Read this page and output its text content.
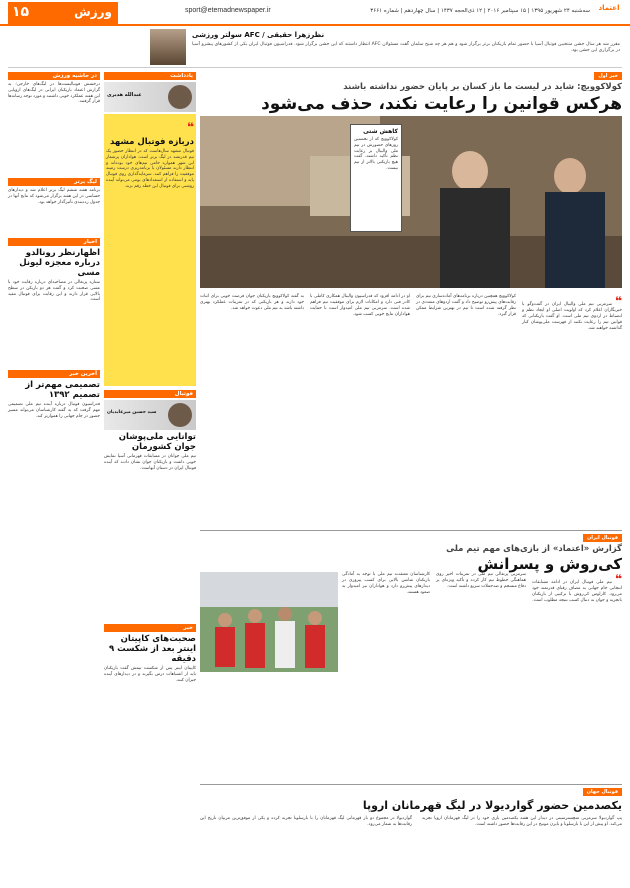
اعتماد
سه‌شنبه ۲۴ شهریور ۱۳۹۵ | ۱۵ سپتامبر ۲۰۱۶ | ۱۲ ذی‌الحجه ۱۴۳۷ | سال چهاردهم | شماره ۳۶۶۱
sport@etemadnewspaper.ir
ورزش
۱۵
نظرزهرا حقیقی / AFC سولتر ورزشی
مقرر شد هر سال جشن منتخبین فوتبال آسیا با حضور تمام بازیکنان برتر برگزار شود و هم هر چه شیخ سلمان گفت مسئولان AFC انتظار داشتند که این جشن برگزار شود. فدراسیون فوتبال ایران یکی از کشورهای پیشرو آسیا در برگزاری این جشن بود.
در حاشیه ورزش
درخشش فوتبالیست‌ها در لیگ‌های خارجی؛ به گزارش اعتماد بازیکنان ایرانی در لیگ‌های اروپایی این هفته عملکرد خوبی داشتند و مورد توجه رسانه‌ها قرار گرفتند.
لیگ برتر
برنامه هفته ششم لیگ برتر اعلام شد و دیدارهای حساسی در این هفته برگزار می‌شود که نتایج آنها در جدول رده‌بندی تأثیرگذار خواهد بود.
اخبار
اظهارنظر رونالدو درباره معجزه لیونل مسی
ستاره پرتغالی در مصاحبه‌ای درباره رقابت خود با مسی صحبت کرد و گفت هر دو بازیکن در سطح بالایی قرار دارند و این رقابت برای فوتبال مفید است.
آخرین خبر
تصمیمی مهم‌تر از تصمیم ۱۳۹۲
فدراسیون فوتبال درباره آینده تیم ملی تصمیمی مهم گرفت که به گفته کارشناسان می‌تواند مسیر حضور در جام جهانی را هموارتر کند.
یادداشت
عبدالله هدیری
❝
دربازه فوتبال مشهد
فوتبال مشهد سال‌هاست که در انتظار حضور یک تیم قدرتمند در لیگ برتر است. هواداران پرشمار این شهر همواره حامی تیم‌های خود بوده‌اند و انتظار دارند مسئولان با برنامه‌ریزی درست زمینه موفقیت را فراهم کنند. سرمایه‌گذاری روی فوتبال پایه و استفاده از استعدادهای بومی می‌تواند آینده روشنی برای فوتبال این خطه رقم بزند.
فوتبال
سید حسین میرعابدیان
توانایی ملی‌پوشان جوان کشورمان
تیم ملی جوانان در مسابقات قهرمانی آسیا نمایش خوبی داشت و بازیکنان جوان نشان دادند که آینده فوتبال ایران در دستان آنهاست.
خبر
صحبت‌های کاپیتان اینتر بعد از شکست ۹ دقیقه
کاپیتان اینتر پس از شکست تیمش گفت بازیکنان باید از اشتباهات درس بگیرند و در دیدارهای آینده جبران کنند.
خبر اول
کولاکوویچ: شاید در لیست ما باز کسان بر پایان حضور نداشته باشند
هرکس قوانین را رعایت نکند، حذف می‌شود
کاهش شتی
کولاکوویچ که از نخستین روزهای حضورش در تیم ملی والیبال بر رعایت نظم تأکید داشته، گفت هیچ بازیکنی بالاتر از تیم نیست.
❝ سرمربی تیم ملی والیبال ایران در گفت‌وگو با خبرنگاران اعلام کرد که اولویت اصلی او ایجاد نظم و انضباط در اردوی تیم ملی است. او گفت بازیکنانی که قوانین تیم را رعایت نکنند از فهرست ملی‌پوشان کنار گذاشته خواهند شد.
کولاکوویچ همچنین درباره برنامه‌های آماده‌سازی تیم برای رقابت‌های پیش‌رو توضیح داد و گفت اردوهای متعددی در نظر گرفته شده است تا تیم در بهترین شرایط ممکن قرار گیرد.
او در ادامه افزود که فدراسیون والیبال همکاری کاملی با کادر فنی دارد و امکانات لازم برای موفقیت تیم فراهم شده است. سرمربی تیم ملی امیدوار است با حمایت هواداران نتایج خوبی کسب شود.
به گفته کولاکوویچ بازیکنان جوان فرصت خوبی برای اثبات خود دارند و هر بازیکنی که در تمرینات عملکرد بهتری داشته باشد به تیم ملی دعوت خواهد شد.
فوتبال ایران
گزارش «اعتماد» از بازی‌های مهم تیم ملی
کی‌روش و پسرانش
❝ تیم ملی فوتبال ایران در ادامه مسابقات انتخابی جام جهانی به مصاف رقبای قدرتمند خود می‌رود. کارلوس کی‌روش با ترکیبی از بازیکنان باتجربه و جوان به دنبال کسب نتیجه مطلوب است.
سرمربی پرتغالی تیم ملی در تمرینات اخیر روی هماهنگی خطوط تیم کار کرده و تأکید ویژه‌ای بر دفاع منسجم و ضدحملات سریع داشته است.
کارشناسان معتقدند تیم ملی با توجه به آمادگی بازیکنان شانس بالایی برای کسب پیروزی در دیدارهای پیش‌رو دارد و هواداران نیز امیدوار به صعود هستند.
فوتبال جهان
یکصدمین حضور گواردیولا در لیگ قهرمانان اروپا
پپ گواردیولا سرمربی منچسترسیتی در دیدار این هفته یکصدمین بازی خود را در لیگ قهرمانان اروپا تجربه می‌کند. او پیش از این با بارسلونا و بایرن مونیخ در این رقابت‌ها حضور داشته است.
گواردیولا در مجموع دو بار قهرمانی لیگ قهرمانان را با بارسلونا تجربه کرده و یکی از موفق‌ترین مربیان تاریخ این رقابت‌ها به شمار می‌رود.
